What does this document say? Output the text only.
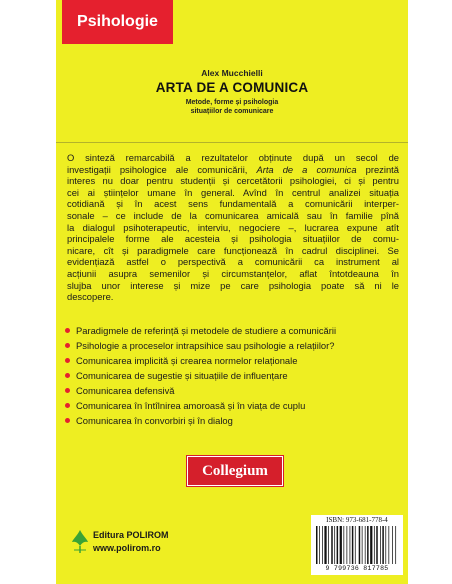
Psihologie
Alex Mucchielli
ARTA DE A COMUNICA
Metode, forme și psihologia
situațiilor de comunicare
O sinteză remarcabilă a rezultatelor obținute după un secol de
investigații psihologice ale comunicării, Arta de a comunica prezintă
interes nu doar pentru studenții și cercetătorii psihologiei, ci și pentru
cei ai științelor umane în general. Avînd în centrul analizei situația
cotidiană și în acest sens fundamentală a comunicării interper-
sonale – ce include de la comunicarea amicală sau în familie pînă
la dialogul psihoterapeutic, interviu, negociere –, lucrarea expune atît
principalele forme ale acesteia și psihologia situațiilor de comu-
nicare, cît și paradigmele care funcționează în cadrul disciplinei. Se
evidențiază astfel o perspectivă a comunicării ca instrument al
acțiunii asupra semenilor și circumstanțelor, aflat întotdeauna în
slujba unor interese și mize pe care psihologia poate să ni le
descopere.
Paradigmele de referință și metodele de studiere a comunicării
Psihologie a proceselor intrapsihice sau psihologie a relațiilor?
Comunicarea implicită și crearea normelor relaționale
Comunicarea de sugestie și situațiile de influențare
Comunicarea defensivă
Comunicarea în întîlnirea amoroasă și în viața de cuplu
Comunicarea în convorbiri și în dialog
Collegium
Editura POLIROM
www.polirom.ro
ISBN: 973-681-778-4
9 799736 817785
